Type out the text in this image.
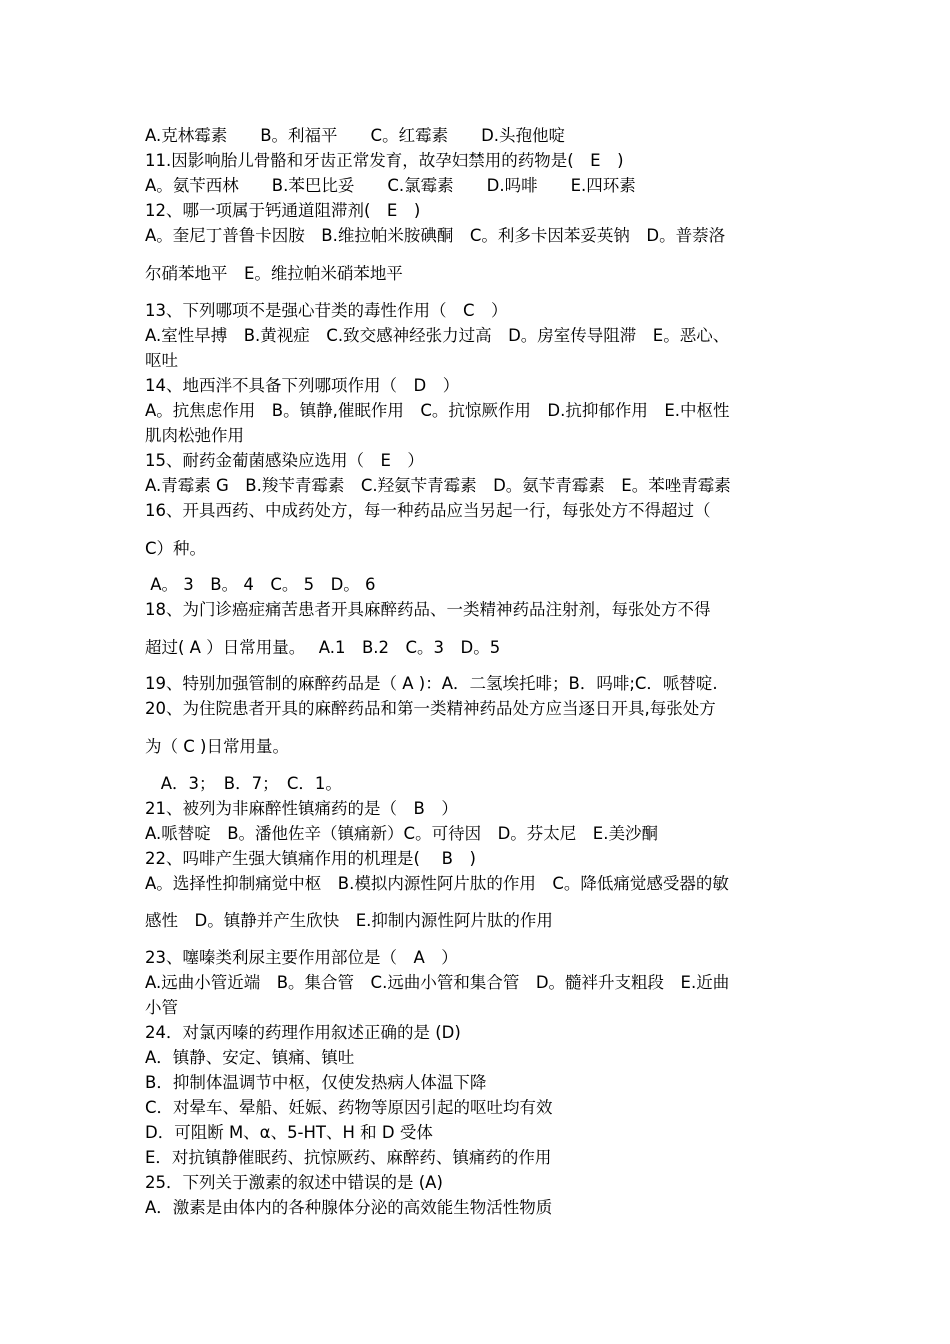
A.克林霉素　　B。利福平　　C。红霉素　　D.头孢他啶
11.因影响胎儿骨骼和牙齿正常发育，故孕妇禁用的药物是(　E　)
A。氨苄西林　　B.苯巴比妥　　C.氯霉素　　D.吗啡　　E.四环素
12、哪一项属于钙通道阻滞剂(　E　)
A。奎尼丁普鲁卡因胺　B.维拉帕米胺碘酮　C。利多卡因苯妥英钠　D。普萘洛
尔硝苯地平　E。维拉帕米硝苯地平
13、下列哪项不是强心苷类的毒性作用（　C　）
A.室性早搏　B.黄视症　C.致交感神经张力过高　D。房室传导阻滞　E。恶心、
呕吐
14、地西泮不具备下列哪项作用（　D　）
A。抗焦虑作用　B。镇静,催眠作用　C。抗惊厥作用　D.抗抑郁作用　E.中枢性
肌肉松弛作用
15、耐药金葡菌感染应选用（　E　）
A.青霉素 G　B.羧苄青霉素　C.羟氨苄青霉素　D。氨苄青霉素　E。苯唑青霉素
16、开具西药、中成药处方，每一种药品应当另起一行，每张处方不得超过（
C）种。
A。 3　B。 4　C。 5　D。 6
18、为门诊癌症痛苦患者开具麻醉药品、一类精神药品注射剂，每张处方不得
超过( A ）日常用量。　 A.1　B.2　C。3　D。5
19、特别加强管制的麻醉药品是（ A )：A．二氢埃托啡；B．吗啡;C．哌替啶.
20、为住院患者开具的麻醉药品和第一类精神药品处方应当逐日开具,每张处方
为（ C )日常用量。
A．3；　B．7；　C．1。
21、被列为非麻醉性镇痛药的是（　B　）
A.哌替啶　B。潘他佐辛（镇痛新）C。可待因　D。芬太尼　E.美沙酮
22、吗啡产生强大镇痛作用的机理是(　 B　)
A。选择性抑制痛觉中枢　B.模拟内源性阿片肽的作用　C。降低痛觉感受器的敏
感性　D。镇静并产生欣快　E.抑制内源性阿片肽的作用
23、噻嗪类利尿主要作用部位是（　A　）
A.远曲小管近端　B。集合管　C.远曲小管和集合管　D。髓袢升支粗段　E.近曲
小管
24．对氯丙嗪的药理作用叙述正确的是 (D)
A．镇静、安定、镇痛、镇吐
B．抑制体温调节中枢，仅使发热病人体温下降
C．对晕车、晕船、妊娠、药物等原因引起的呕吐均有效
D．可阻断 M、α、5-HT、H 和 D 受体
E．对抗镇静催眠药、抗惊厥药、麻醉药、镇痛药的作用
25．下列关于激素的叙述中错误的是 (A)
A．激素是由体内的各种腺体分泌的高效能生物活性物质
